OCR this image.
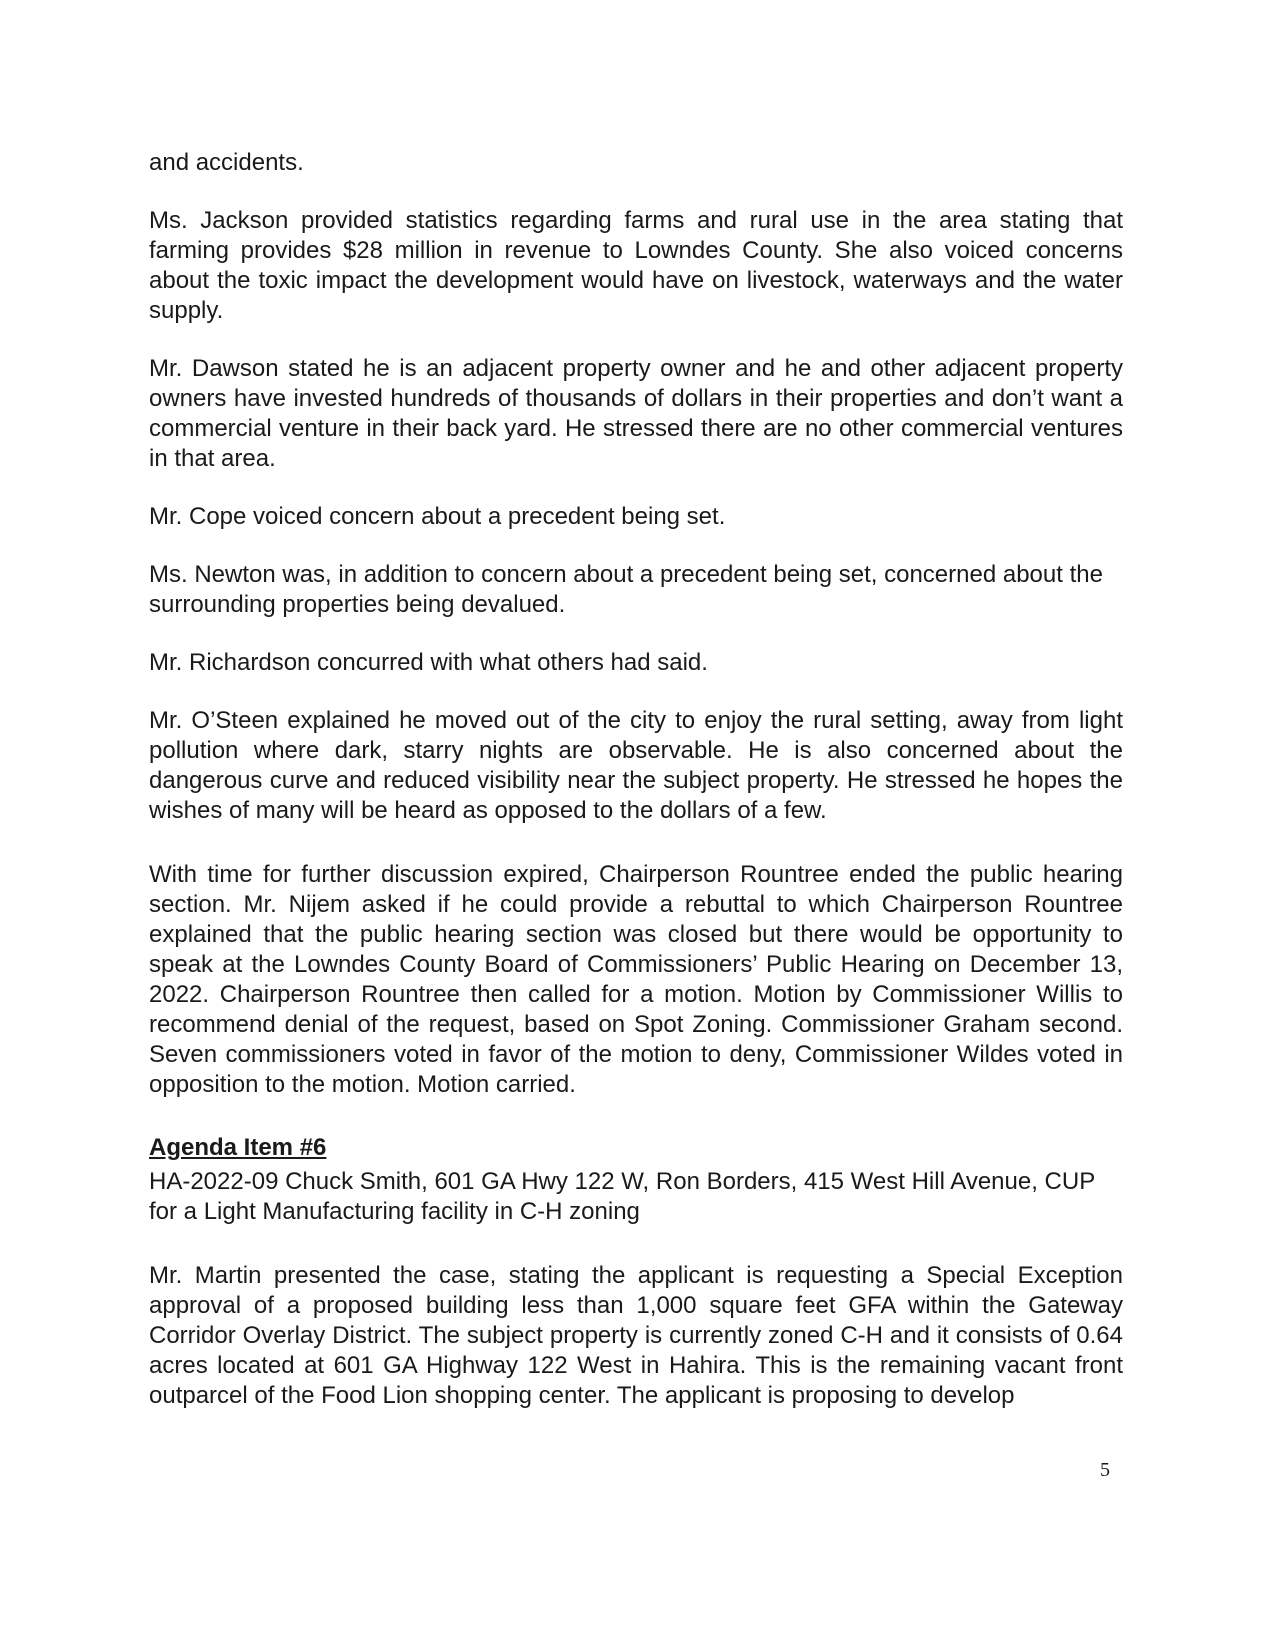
and accidents.

Ms. Jackson provided statistics regarding farms and rural use in the area stating that farming provides $28 million in revenue to Lowndes County. She also voiced concerns about the toxic impact the development would have on livestock, waterways and the water supply.

Mr. Dawson stated he is an adjacent property owner and he and other adjacent property owners have invested hundreds of thousands of dollars in their properties and don’t want a commercial venture in their back yard. He stressed there are no other commercial ventures in that area.

Mr. Cope voiced concern about a precedent being set.

Ms. Newton was, in addition to concern about a precedent being set, concerned about the surrounding properties being devalued.

Mr. Richardson concurred with what others had said.

Mr. O’Steen explained he moved out of the city to enjoy the rural setting, away from light pollution where dark, starry nights are observable. He is also concerned about the dangerous curve and reduced visibility near the subject property. He stressed he hopes the wishes of many will be heard as opposed to the dollars of a few.

With time for further discussion expired, Chairperson Rountree ended the public hearing section. Mr. Nijem asked if he could provide a rebuttal to which Chairperson Rountree explained that the public hearing section was closed but there would be opportunity to speak at the Lowndes County Board of Commissioners’ Public Hearing on December 13, 2022. Chairperson Rountree then called for a motion. Motion by Commissioner Willis to recommend denial of the request, based on Spot Zoning. Commissioner Graham second. Seven commissioners voted in favor of the motion to deny, Commissioner Wildes voted in opposition to the motion. Motion carried.

Agenda Item #6

HA-2022-09 Chuck Smith, 601 GA Hwy 122 W, Ron Borders, 415 West Hill Avenue, CUP for a Light Manufacturing facility in C-H zoning

Mr. Martin presented the case, stating the applicant is requesting a Special Exception approval of a proposed building less than 1,000 square feet GFA within the Gateway Corridor Overlay District. The subject property is currently zoned C-H and it consists of 0.64 acres located at 601 GA Highway 122 West in Hahira. This is the remaining vacant front outparcel of the Food Lion shopping center. The applicant is proposing to develop

5
